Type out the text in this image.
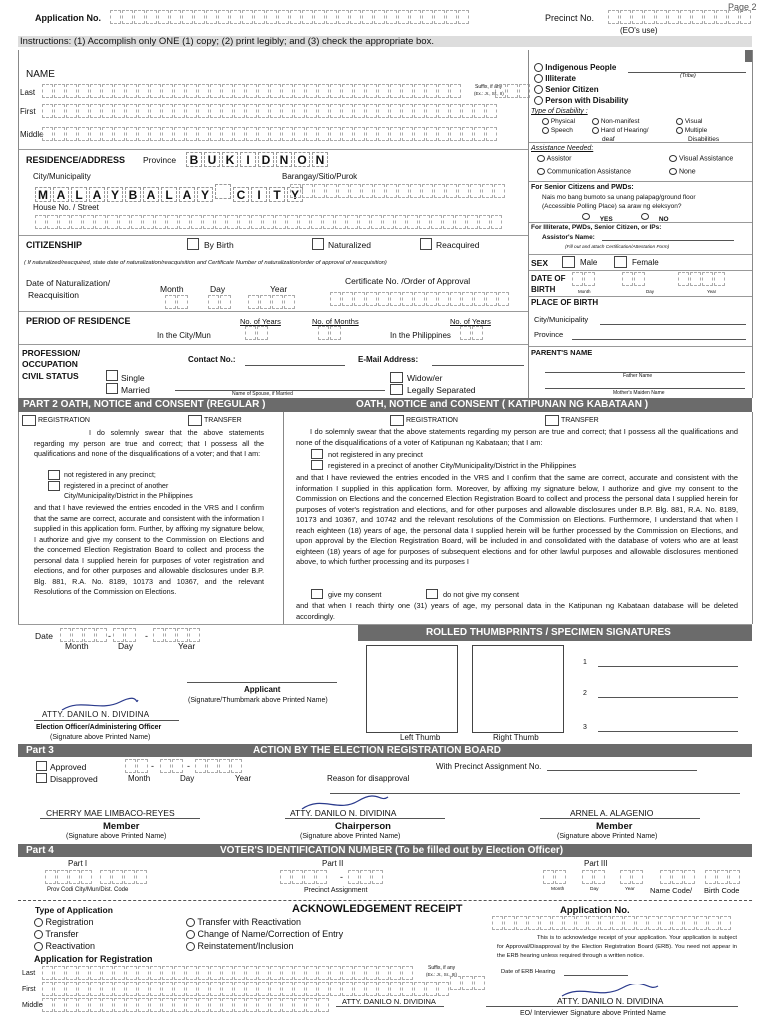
Page 2
Application No.	Precinct No.
(EO's use)
Instructions: (1) Accomplish only ONE (1) copy; (2) print legibly; and (3) check the appropriate box.
Part 1	PERSONAL INFORMATION ( To be filled out by Applicant)
NAME
Last
Suffix, if any
(Ex.: Jr., Sr., II)
First
Middle
RESIDENCE/ADDRESS Province	B U K I D N O N
City/Municipality	Barangay/Sitio/Purok
M A L A Y B A L A Y C I T Y
House No. / Street
CITIZENSHIP	By Birth	Naturalized	Reacquired
( If naturalized/reacquired, state date of naturalization/reacquisition and Certificate Number of naturalization/order of approval of reacquisition)
Date of Naturalization/
Reacquisition
Month	Day	Year
Certificate No. /Order of Approval
PERIOD OF RESIDENCE	No. of Years	No. of Months	No. of Years
In the City/Mun	In the Philippines
PROFESSION/
OCCUPATION	Contact No.:	E-Mail Address:
CIVIL STATUS	Single
Married	Name of Spouse, if Married
Widow/er
Legally Separated
Indigenous People
Illiterate
Senior Citizen
Person with Disability
(Tribe)
Type of Disability :
Physical
Speech
Non-manifest
Hard of Hearing/
deaf
Visual
Multiple
Disabilities
Assistance Needed:
Assistor
Communication Assistance
Visual Assistance
None
For Senior Citizens and PWDs:
Nais mo bang bumoto sa unang palapag/ground floor
(Accessible Polling Place) sa araw ng eleksyon?
YES	NO
For Illiterate, PWDs, Senior Citizen, or IPs:
Assistor's Name:
(Fill out and attach Certification/Attestation Form)
SEX	Male	Female
DATE OF
BIRTH	Month	Day	Year
PLACE OF BIRTH
City/Municipality
Province
PARENT'S NAME
Father Name
Mother's Maiden Name
PART 2 OATH, NOTICE and CONSENT (REGULAR )	OATH, NOTICE and CONSENT ( KATIPUNAN NG KABATAAN )
REGISTRATION	TRANSFER
I do solemnly swear that the above statements regarding my person are true and correct; that I possess all the qualifications and none of the disqualifications of a voter; and that I am:
not registered in any precinct;
registered in a precinct of another
City/Municipality/District in the Philippines
and that I have reviewed the entries encoded in the VRS and I confirm that the same are correct, accurate and consistent with the information I supplied in this application form. Further, by affixing my signature below, I authorize and give my consent to the Commission on Elections and the concerned Election Registration Board to collect and process the personal data I supplied herein for purposes of voter registration and elections, and for other purposes and allowable disclosures under B.P. Blg. 881, R.A. No. 8189, 10173 and 10367, and the relevant Resolutions of the Commission on Elections.
REGISTRATION	TRANSFER
I do solemnly swear that the above statements regarding my person are true and correct; that I possess all the qualifications and none of the disqualifications of a voter of Katipunan ng Kabataan; that I am:
not registered in any precinct
registered in a precinct of another City/Municipality/District in the Philippines
and that I have reviewed the entries encoded in the VRS and I confirm that the same are correct, accurate and consistent with the information I supplied in this application form. Moreover, by affixing my signature below, I authorize and give my consent to the Commission on Elections and the concerned Election Registration Board to collect and process the personal data I supplied herein for purposes of voter's registration and elections, and for other purposes and allowable disclosures under B.P. Blg. 881, R.A. No. 8189, 10173 and 10367, and 10742 and the relevant resolutions of the Commission on Elections. Furthermore, I understand that when I reach eighteen (18) years of age, the personal data I supplied herein will be further processed by the Commission on Elections, and upon approval by the Election Registration Board, will be included in and consolidated with the database of voters who are at least eighteen (18) years of age for purposes of subsequent elections and for other lawful purposes and allowable disclosures mentioned above, to which further processing and its purposes I
give my consent	do not give my consent
and that when I reach thirty one (31) years of age, my personal data in the Katipunan ng Kabataan database will be deleted accordingly.
Date	-	-
Month	Day	Year
Applicant
(Signature/Thumbmark above Printed Name)
ATTY. DANILO N. DIVIDINA
Election Officer/Administering Officer
(Signature above Printed Name)
ROLLED THUMBPRINTS / SPECIMEN SIGNATURES
Left Thumb	Right Thumb
1
2
3
Part 3	ACTION BY THE ELECTION REGISTRATION BOARD
Approved
Disapproved
-	-
Month	Day	Year
With Precinct Assignment No.
Reason for disapproval
CHERRY MAE LIMBACO-REYES
Member
(Signature above Printed Name)
ATTY. DANILO N. DIVIDINA
Chairperson
(Signature above Printed Name)
ARNEL A. ALAGENIO
Member
(Signature above Printed Name)
Part 4	VOTER'S IDENTIFICATION NUMBER (To be filled out by Election Officer)
Part I	Part II	Part III
Prov Codi City/Mun/Dist. Code
-
Precinct Assignment	Month	Day	Year Name Code/ Birth Code
Type of Application
Registration
Transfer
Reactivation
Transfer with Reactivation
Change of Name/Correction of Entry
Reinstatement/Inclusion
ACKNOWLEDGEMENT RECEIPT	Application No.
This is to acknowledge receipt of your application. Your application is subject for Approval/Disapproval by the Election Registration Board (ERB). You need not appear in the ERB hearing unless required through a written notice.
Date of ERB Hearing
Application for Registration
Last
Suffix, if any
(Ex.: Jr., Sr., III)
First
Middle	ATTY. DANILO N. DIVIDINA	ATTY. DANILO N. DIVIDINA
EO/ Interviewer Signature above Printed Name
